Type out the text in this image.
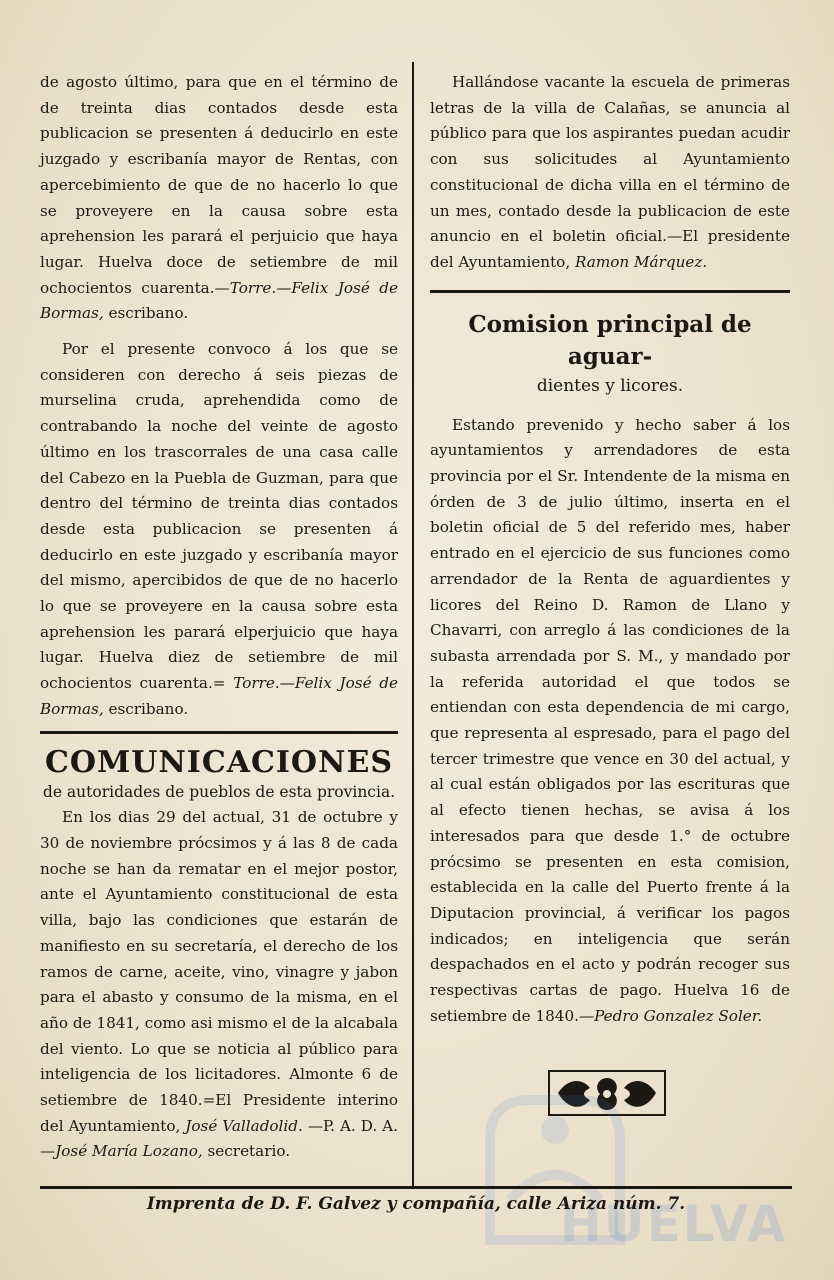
de agosto último, para que en el término de de treinta dias contados desde esta publicacion se presenten á deducirlo en este juzgado y escribanía mayor de Rentas, con apercebimiento de que de no hacerlo lo que se proveyere en la causa sobre esta aprehension les parará el perjuicio que haya lugar. Huelva doce de setiembre de mil ochocientos cuarenta.—Torre.—Felix José de Bormas, escribano.

Por el presente convoco á los que se consideren con derecho á seis piezas de murselina cruda, aprehendida como de contrabando la noche del veinte de agosto último en los trascorrales de una casa calle del Cabezo en la Puebla de Guzman, para que dentro del término de treinta dias contados desde esta publicacion se presenten á deducirlo en este juzgado y escribanía mayor del mismo, apercibidos de que de no hacerlo lo que se proveyere en la causa sobre esta aprehension les parará elperjuicio que haya lugar. Huelva diez de setiembre de mil ochocientos cuarenta.= Torre.—Felix José de Bormas, escribano.

COMUNICACIONES
de autoridades de pueblos de esta provincia.

En los dias 29 del actual, 31 de octubre y 30 de noviembre prócsimos y á las 8 de cada noche se han da rematar en el mejor postor, ante el Ayuntamiento constitucional de esta villa, bajo las condiciones que estarán de manifiesto en su secretaría, el derecho de los ramos de carne, aceite, vino, vinagre y jabon para el abasto y consumo de la misma, en el año de 1841, como asi mismo el de la alcabala del viento. Lo que se noticia al público para inteligencia de los licitadores. Almonte 6 de setiembre de 1840.=El Presidente interino del Ayuntamiento, José Valladolid. —P. A. D. A.—José María Lozano, secretario.

Hallándose vacante la escuela de primeras letras de la villa de Calañas, se anuncia al público para que los aspirantes puedan acudir con sus solicitudes al Ayuntamiento constitucional de dicha villa en el término de un mes, contado desde la publicacion de este anuncio en el boletin oficial.—El presidente del Ayuntamiento, Ramon Márquez.

Comision principal de aguar-
dientes y licores.

Estando prevenido y hecho saber á los ayuntamientos y arrendadores de esta provincia por el Sr. Intendente de la misma en órden de 3 de julio último, inserta en el boletin oficial de 5 del referido mes, haber entrado en el ejercicio de sus funciones como arrendador de la Renta de aguardientes y licores del Reino D. Ramon de Llano y Chavarri, con arreglo á las condiciones de la subasta arrendada por S. M., y mandado por la referida autoridad el que todos se entiendan con esta dependencia de mi cargo, que representa al espresado, para el pago del tercer trimestre que vence en 30 del actual, y al cual están obligados por las escrituras que al efecto tienen hechas, se avisa á los interesados para que desde 1.° de octubre prócsimo se presenten en esta comision, establecida en la calle del Puerto frente á la Diputacion provincial, á verificar los pagos indicados; en inteligencia que serán despachados en el acto y podrán recoger sus respectivas cartas de pago. Huelva 16 de setiembre de 1840.—Pedro Gonzalez Soler.

HUELVA
Imprenta de D. F. Galvez y compañía, calle Ariza núm. 7.
